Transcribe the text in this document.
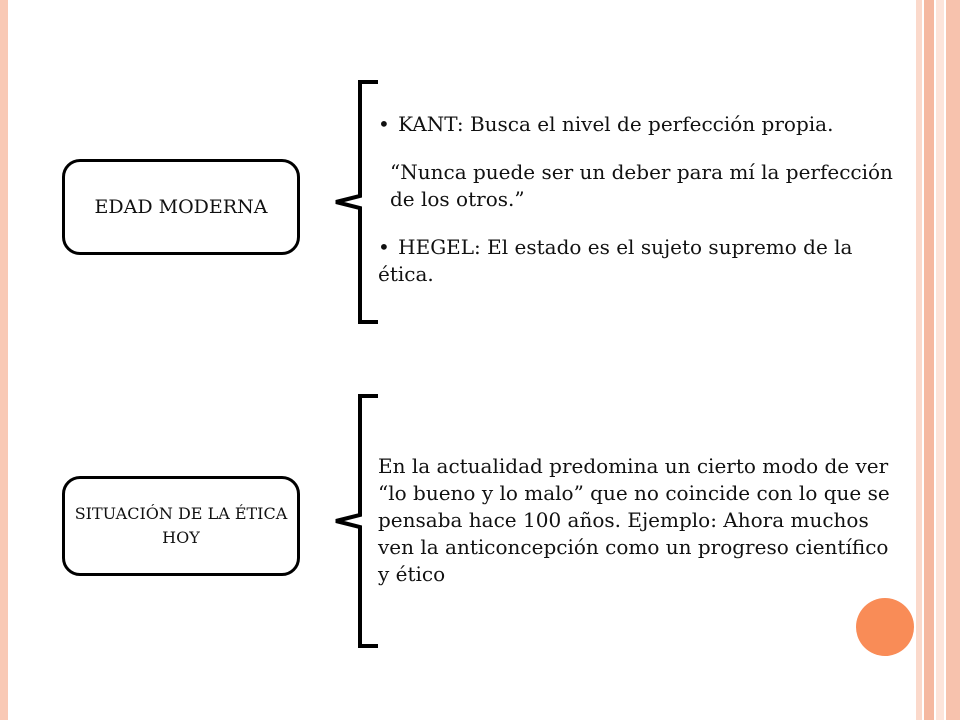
EDAD MODERNA

• KANT: Busca el nivel de perfección propia.

“Nunca puede ser un deber para mí la perfección de los otros.”

• HEGEL: El estado es el sujeto supremo de la ética.

SITUACIÓN DE LA ÉTICA HOY

En la actualidad predomina un cierto modo de ver “lo bueno y lo malo” que no coincide con lo que se pensaba hace 100 años. Ejemplo: Ahora muchos ven la anticoncepción como un progreso científico y ético
